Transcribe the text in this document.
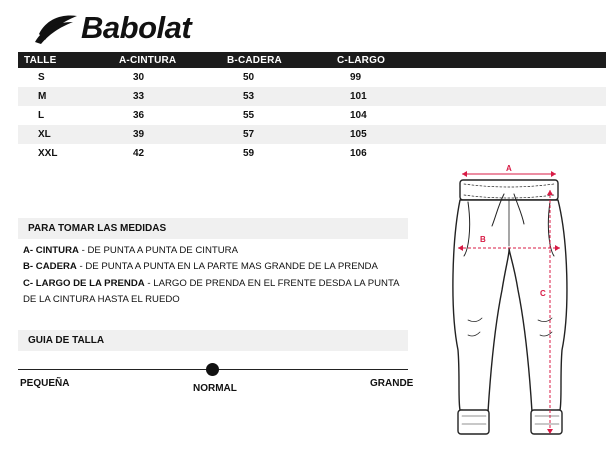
Babolat
TALLE	A-CINTURA	B-CADERA	C-LARGO
S	30	50	99
M	33	53	101
L	36	55	104
XL	39	57	105
XXL	42	59	106
PARA TOMAR LAS MEDIDAS
A- CINTURA - DE PUNTA A PUNTA DE CINTURA
B- CADERA - DE PUNTA A PUNTA EN LA PARTE MAS GRANDE DE LA PRENDA
C- LARGO DE LA PRENDA - LARGO DE PRENDA EN EL FRENTE DESDA LA PUNTA DE LA CINTURA HASTA EL RUEDO
GUIA DE TALLA
PEQUEÑA	NORMAL	GRANDE
A
B
C
